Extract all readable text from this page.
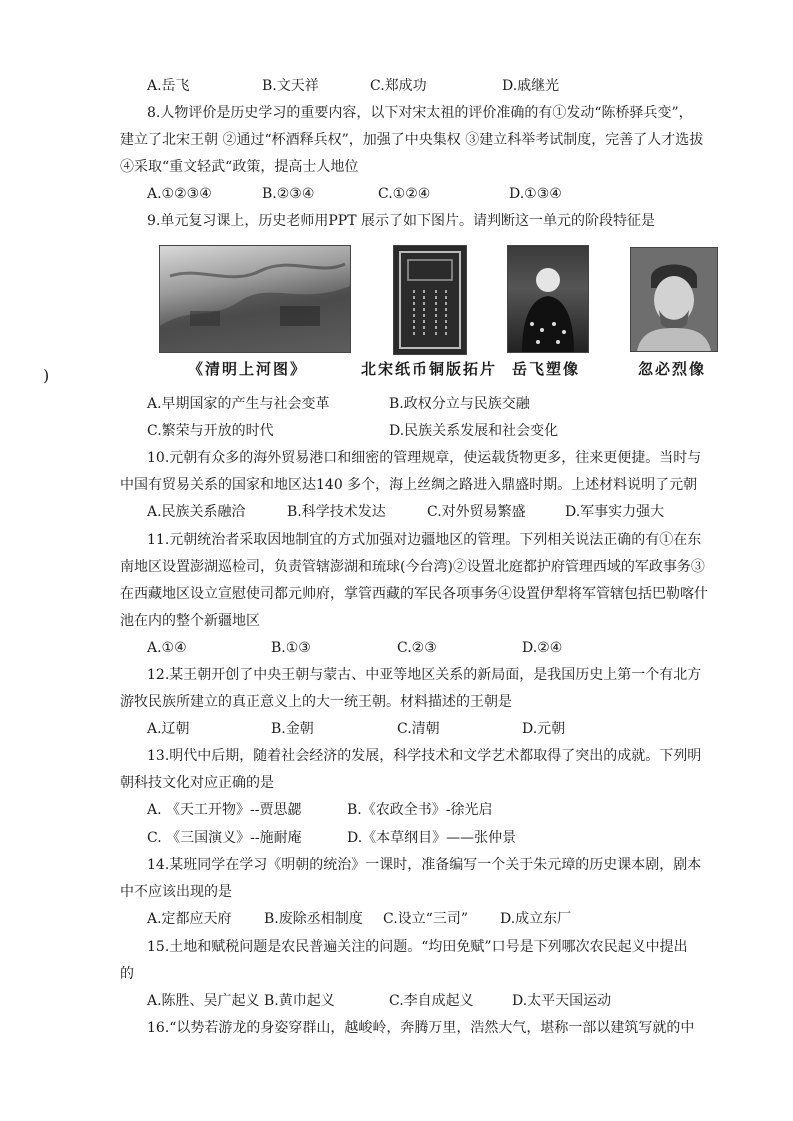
)
A.岳飞	B.文天祥	C.郑成功	D.戚继光
8.人物评价是历史学习的重要内容，以下对宋太祖的评价准确的有①发动“陈桥驿兵变”，
建立了北宋王朝 ②通过“杯酒释兵权”，加强了中央集权 ③建立科举考试制度，完善了人才选拔
④采取“重文轻武“政策，提高士人地位
A.①②③④	B.②③④	C.①②④	D.①③④
9.单元复习课上，历史老师用PPT 展示了如下图片。请判断这一单元的阶段特征是
《清明上河图》	北宋纸币铜版拓片 岳飞塑像	忽必烈像
A.早期国家的产生与社会变革	B.政权分立与民族交融
C.繁荣与开放的时代	D.民族关系发展和社会变化
10.元朝有众多的海外贸易港口和细密的管理规章，使运载货物更多，往来更便捷。当时与
中国有贸易关系的国家和地区达140 多个，海上丝绸之路进入鼎盛时期。上述材料说明了元朝
A.民族关系融洽	B.科学技术发达	C.对外贸易繁盛	D.军事实力强大
11.元朝统治者采取因地制宜的方式加强对边疆地区的管理。下列相关说法正确的有①在东
南地区设置澎湖巡检司，负责管辖澎湖和琉球(今台湾)②设置北庭都护府管理西域的军政事务③
在西藏地区设立宣慰使司都元帅府，掌管西藏的军民各项事务④设置伊犁将军管辖包括巴勒喀什
池在内的整个新疆地区
A.①④	B.①③	C.②③	D.②④
12.某王朝开创了中央王朝与蒙古、中亚等地区关系的新局面，是我国历史上第一个有北方
游牧民族所建立的真正意义上的大一统王朝。材料描述的王朝是
A.辽朝	B.金朝	C.清朝	D.元朝
13.明代中后期，随着社会经济的发展，科学技术和文学艺术都取得了突出的成就。下列明
朝科技文化对应正确的是
A. 《天工开物》--贾思勰	B.《农政全书》-徐光启
C. 《三国演义》--施耐庵	D.《本草纲目》——张仲景
14.某班同学在学习《明朝的统治》一课时，准备编写一个关于朱元璋的历史课本剧，剧本
中不应该出现的是
A.定都应天府 B.废除丞相制度 C.设立“三司” D.成立东厂
15.土地和赋税问题是农民普遍关注的问题。“均田免赋”口号是下列哪次农民起义中提出
的
A.陈胜、吴广起义 B.黄巾起义	C.李自成起义	D.太平天国运动
16.“以势若游龙的身姿穿群山，越峻岭，奔腾万里，浩然大气，堪称一部以建筑写就的中
